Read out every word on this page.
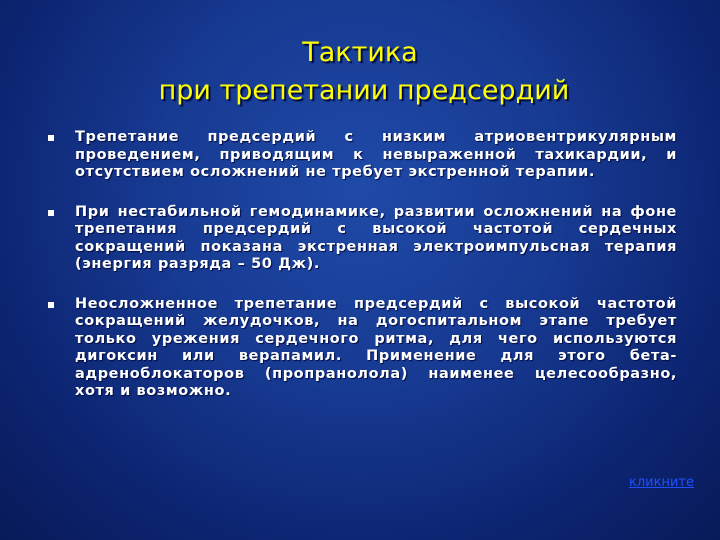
Тактика
при трепетании предсердий
Трепетание предсердий с низким атриовентрикулярным проведением, приводящим к невыраженной тахикардии, и отсутствием осложнений не требует экстренной терапии.
При нестабильной гемодинамике, развитии осложнений на фоне трепетания предсердий с высокой частотой сердечных сокращений показана экстренная электроимпульсная терапия (энергия разряда – 50 Дж).
Неосложненное трепетание предсердий с высокой частотой сокращений желудочков, на догоспитальном этапе требует только урежения сердечного ритма, для чего используются дигоксин или верапамил. Применение для этого бета-адреноблокаторов (пропранолола) наименее целесообразно, хотя и возможно.
кликните
